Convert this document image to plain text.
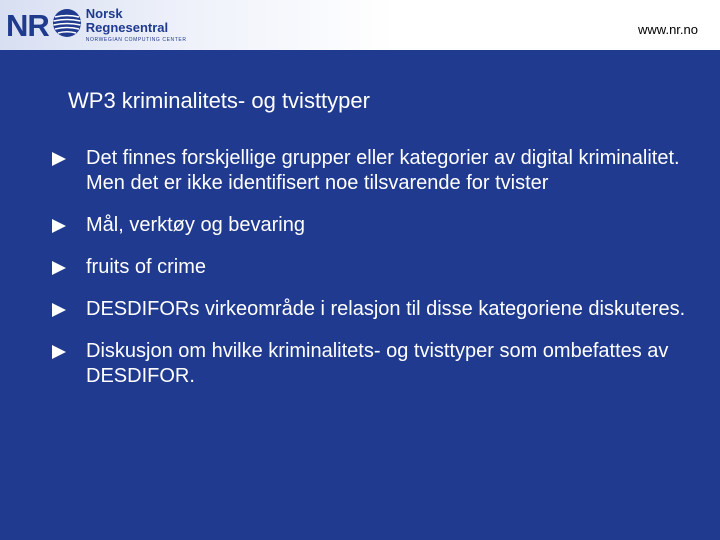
NR	Norsk
Regnesentral
NORWEGIAN COMPUTING CENTER
www.nr.no
WP3 kriminalitets- og tvisttyper
Det finnes forskjellige grupper eller kategorier av digital kriminalitet. Men det er ikke identifisert noe tilsvarende for tvister
Mål, verktøy og bevaring
fruits of crime
DESDIFORs virkeområde i relasjon til disse kategoriene diskuteres.
Diskusjon om hvilke kriminalitets- og tvisttyper som ombefattes av DESDIFOR.
